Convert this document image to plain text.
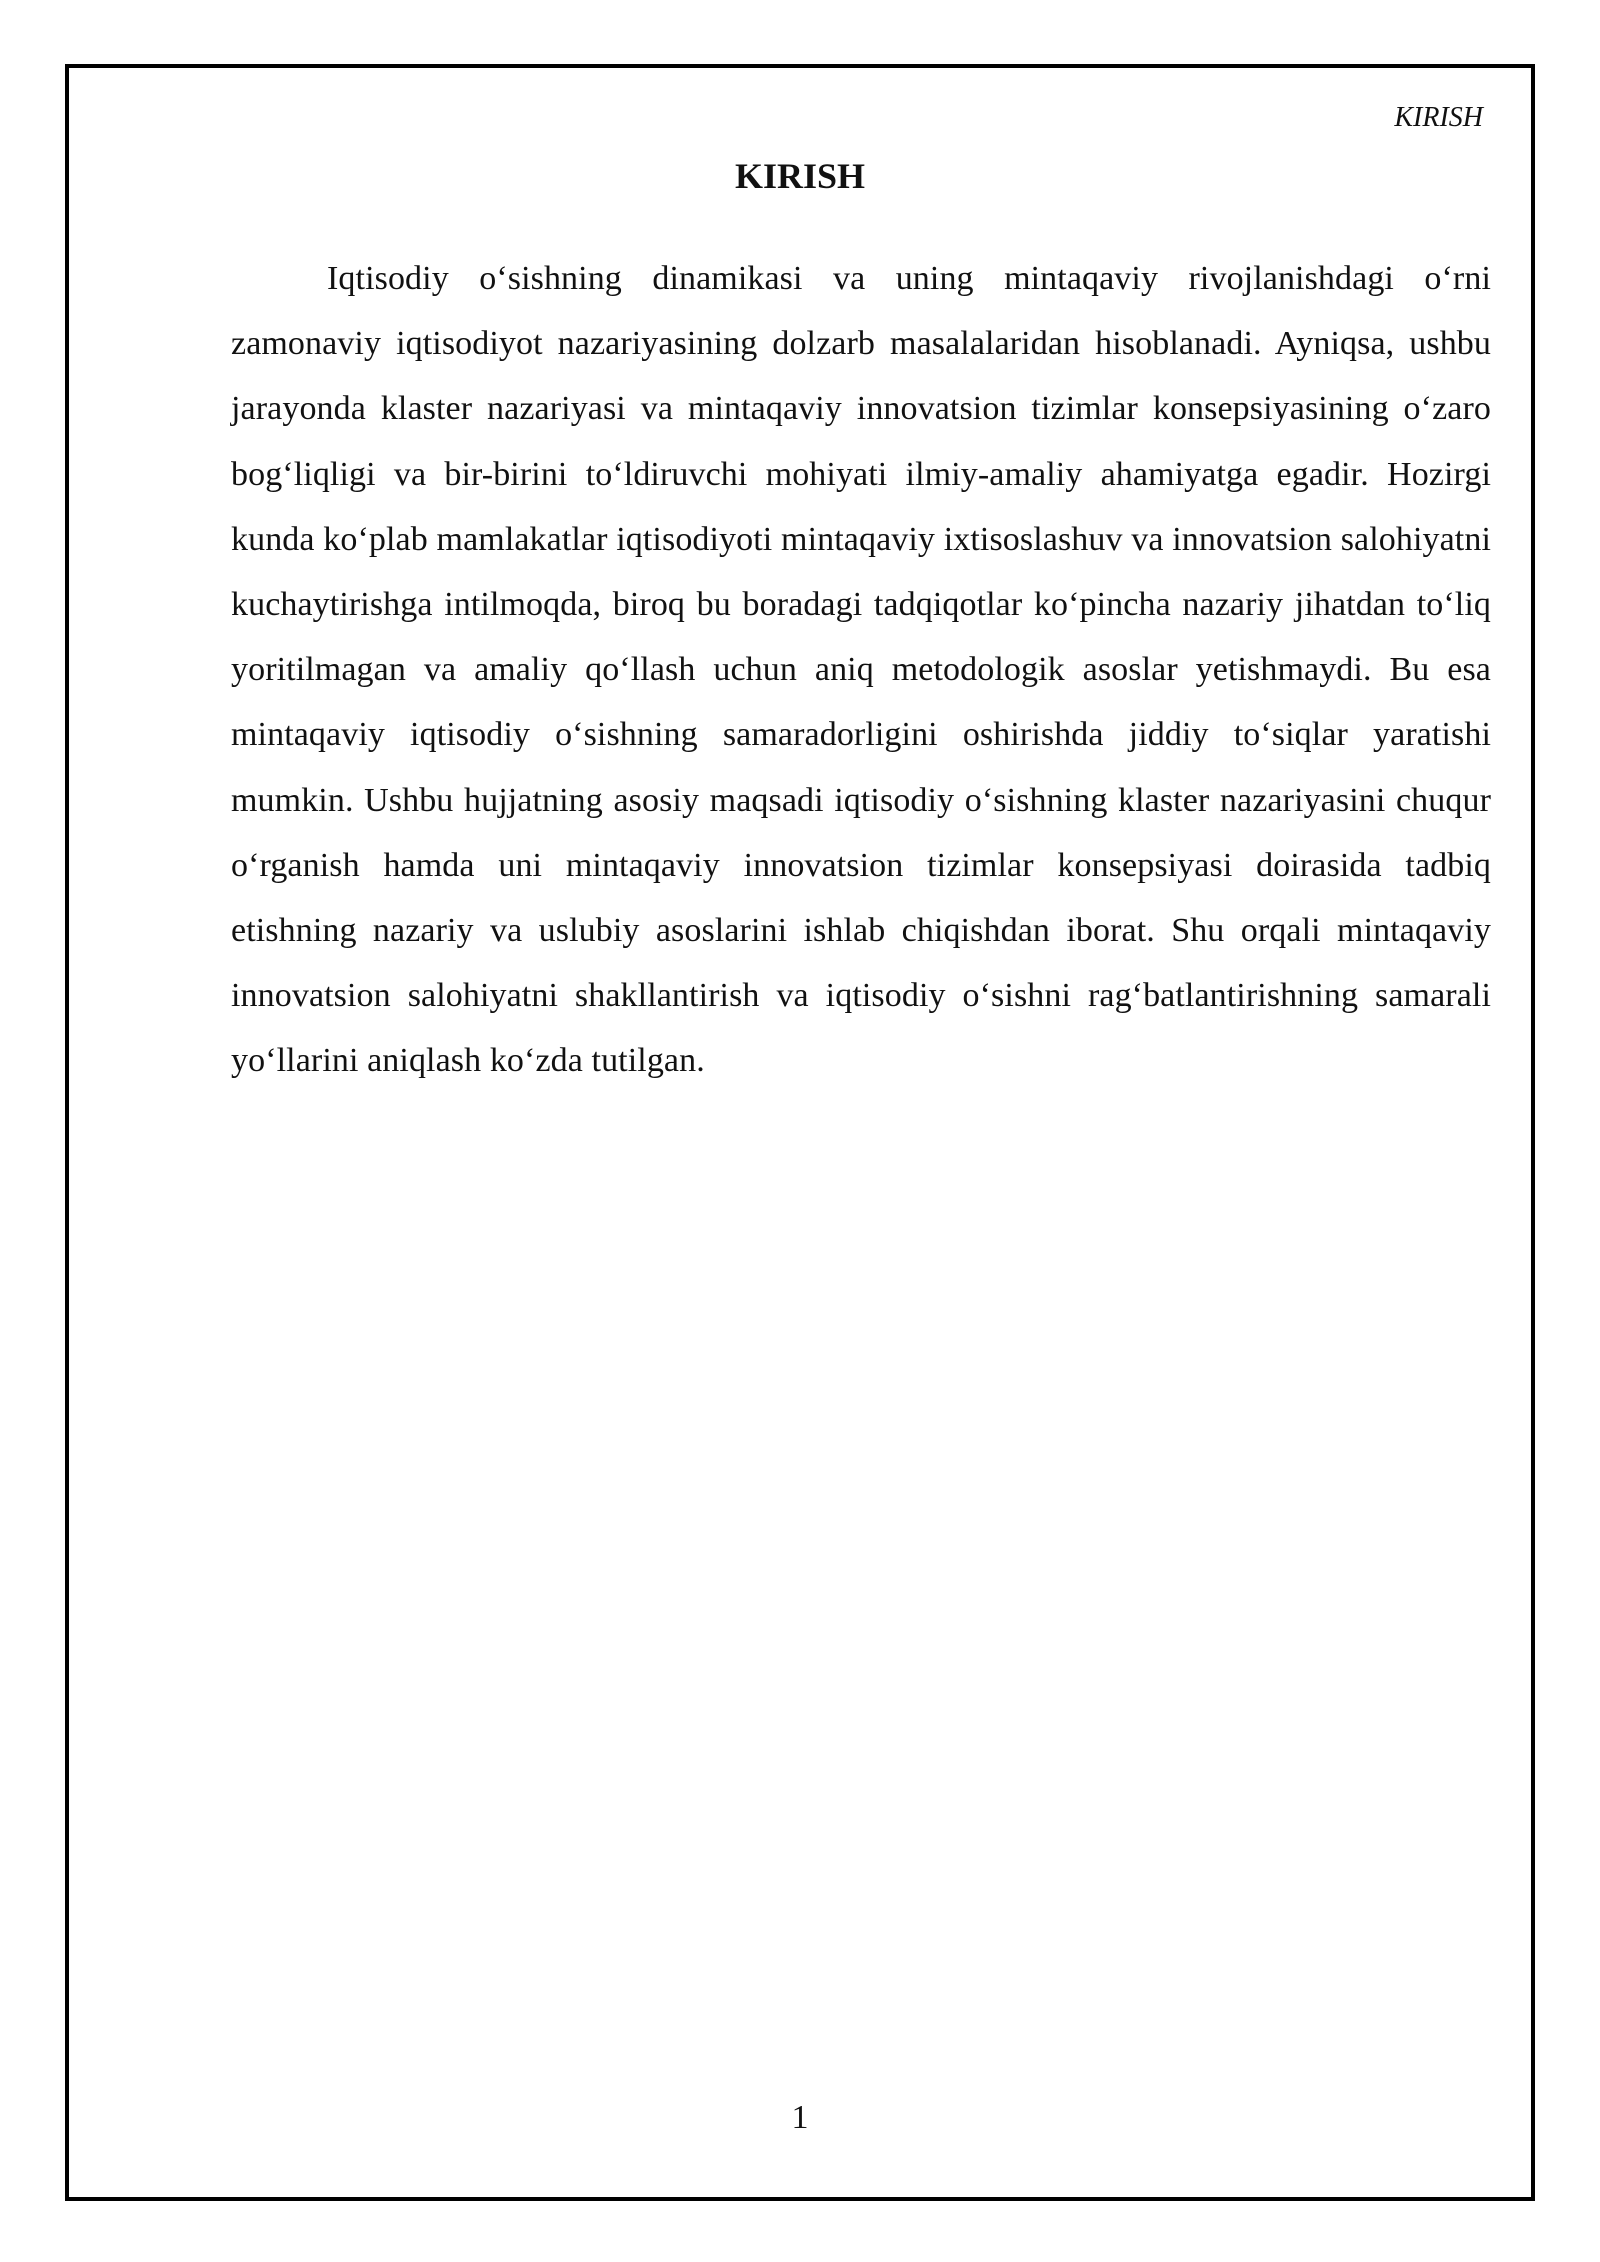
KIRISH

KIRISH

Iqtisodiy o‘sishning dinamikasi va uning mintaqaviy rivojlanishdagi o‘rni zamonaviy iqtisodiyot nazariyasining dolzarb masalalaridan hisoblanadi. Ayniqsa, ushbu jarayonda klaster nazariyasi va mintaqaviy innovatsion tizimlar konsepsiyasining o‘zaro bog‘liqligi va bir-birini to‘ldiruvchi mohiyati ilmiy-amaliy ahamiyatga egadir. Hozirgi kunda ko‘plab mamlakatlar iqtisodiyoti mintaqaviy ixtisoslashuv va innovatsion salohiyatni kuchaytirishga intilmoqda, biroq bu boradagi tadqiqotlar ko‘pincha nazariy jihatdan to‘liq yoritilmagan va amaliy qo‘llash uchun aniq metodologik asoslar yetishmaydi. Bu esa mintaqaviy iqtisodiy o‘sishning samaradorligini oshirishda jiddiy to‘siqlar yaratishi mumkin. Ushbu hujjatning asosiy maqsadi iqtisodiy o‘sishning klaster nazariyasini chuqur o‘rganish hamda uni mintaqaviy innovatsion tizimlar konsepsiyasi doirasida tadbiq etishning nazariy va uslubiy asoslarini ishlab chiqishdan iborat. Shu orqali mintaqaviy innovatsion salohiyatni shakllantirish va iqtisodiy o‘sishni rag‘batlantirishning samarali yo‘llarini aniqlash ko‘zda tutilgan.

1
